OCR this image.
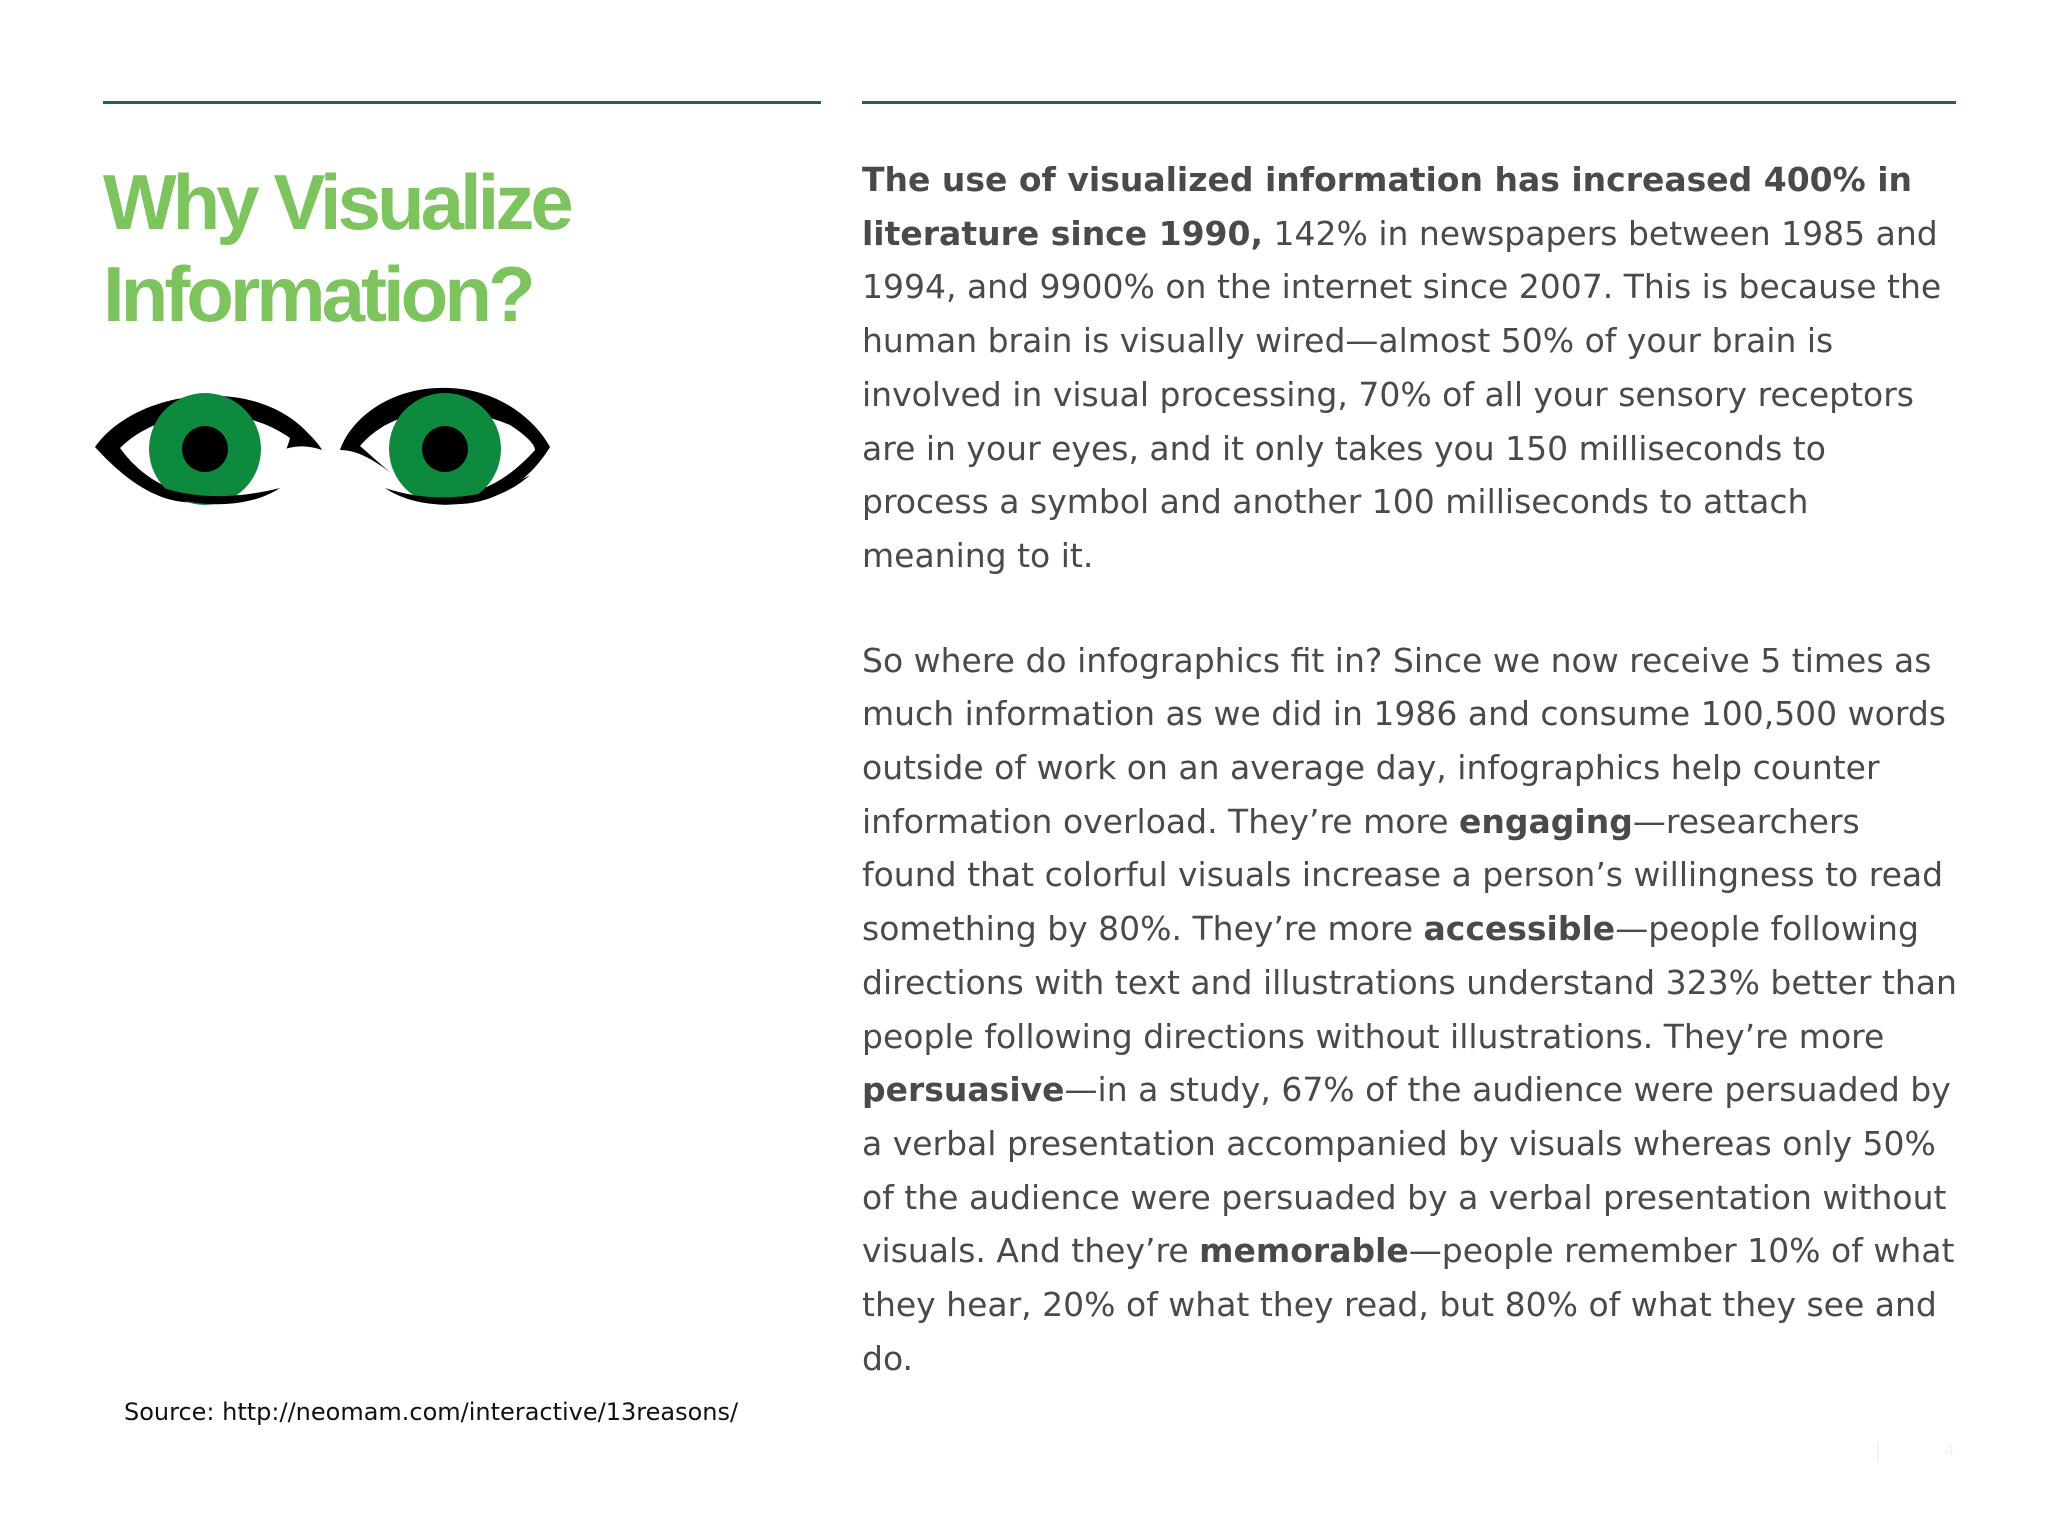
Why Visualize
Information?

The use of visualized information has increased 400% in literature since 1990, 142% in newspapers between 1985 and 1994, and 9900% on the internet since 2007. This is because the human brain is visually wired—almost 50% of your brain is involved in visual processing, 70% of all your sensory receptors are in your eyes, and it only takes you 150 milliseconds to process a symbol and another 100 milliseconds to attach meaning to it.

So where do infographics fit in? Since we now receive 5 times as much information as we did in 1986 and consume 100,500 words outside of work on an average day, infographics help counter information overload. They’re more engaging—researchers found that colorful visuals increase a person’s willingness to read something by 80%. They’re more accessible—people following directions with text and illustrations understand 323% better than people following directions without illustrations. They’re more persuasive—in a study, 67% of the audience were persuaded by a verbal presentation accompanied by visuals whereas only 50% of the audience were persuaded by a verbal presentation without visuals. And they’re memorable—people remember 10% of what they hear, 20% of what they read, but 80% of what they see and do.

Source: http://neomam.com/interactive/13reasons/
4
